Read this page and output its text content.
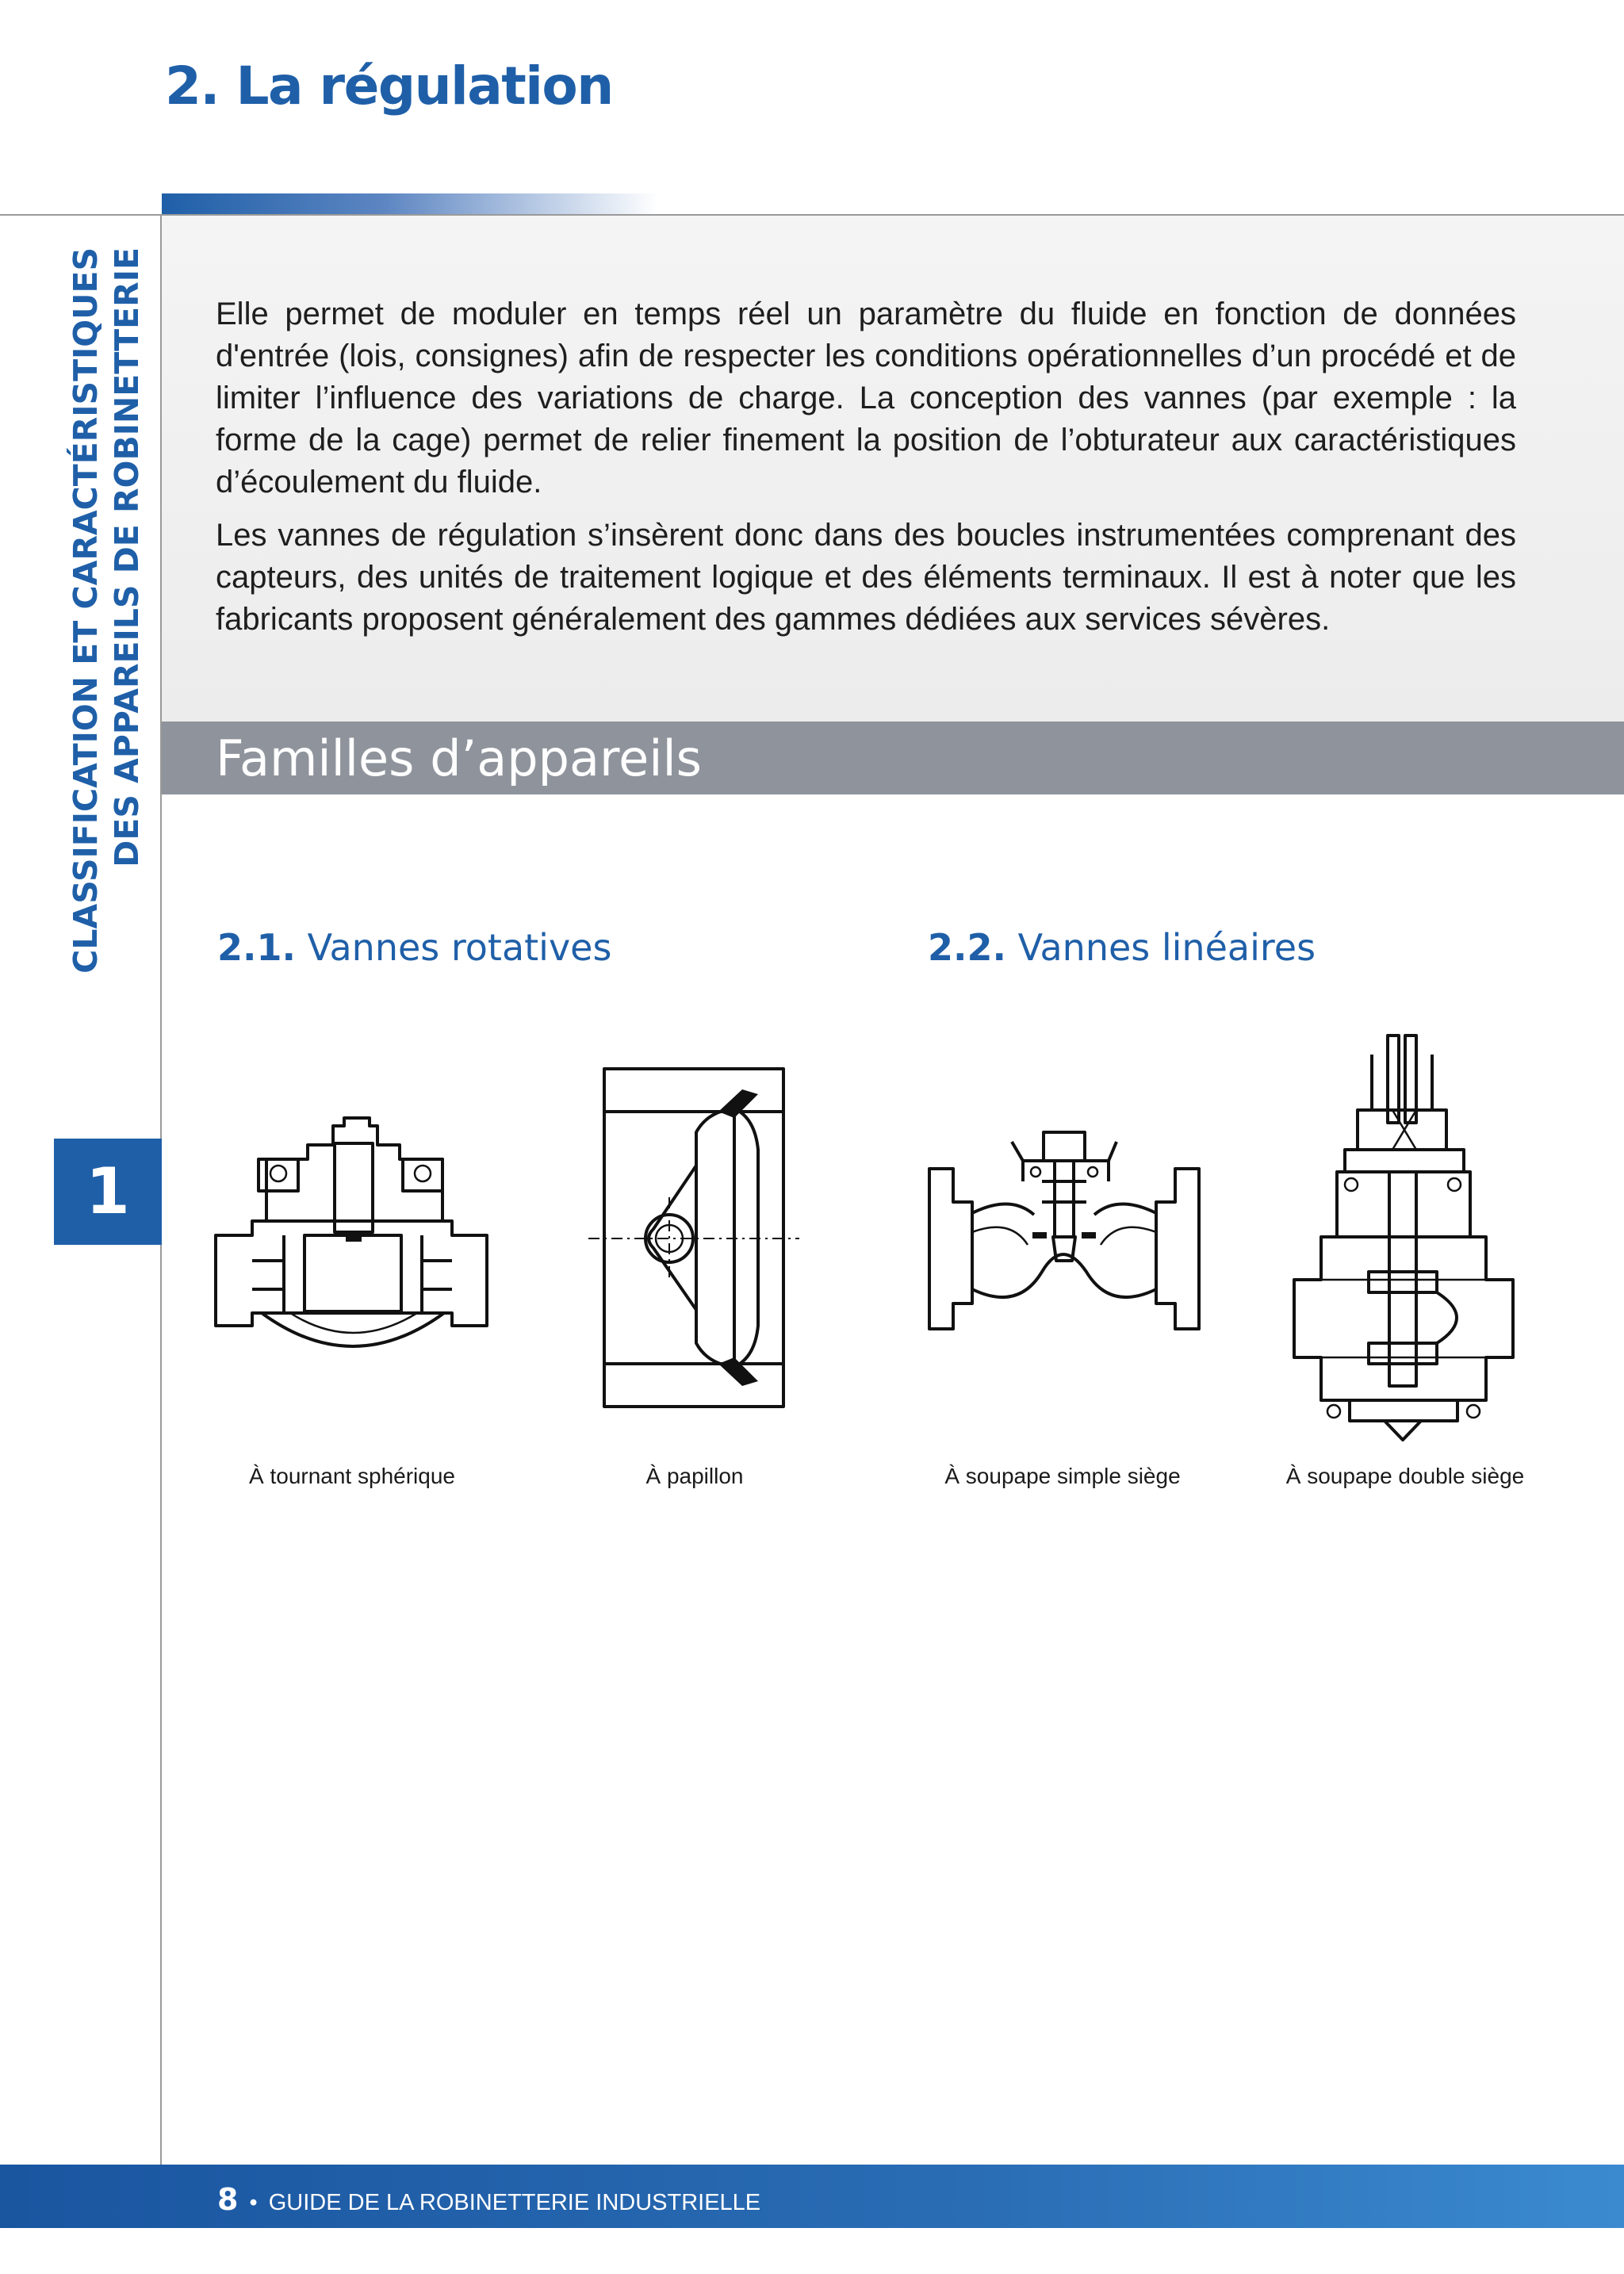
2. La régulation
CLASSIFICATION ET CARACTÉRISTIQUES DES APPAREILS DE ROBINETTERIE
1

Elle permet de moduler en temps réel un paramètre du fluide en fonction de données d'entrée (lois, consignes) afin de respecter les conditions opérationnelles d’un procédé et de limiter l’influence des variations de charge. La conception des vannes (par exemple : la forme de la cage) permet de relier finement la position de l’obturateur aux caractéristiques d’écoulement du fluide.

Les vannes de régulation s’insèrent donc dans des boucles instrumentées comprenant des capteurs, des unités de traitement logique et des éléments terminaux. Il est à noter que les fabricants proposent généralement des gammes dédiées aux services sévères.

Familles d’appareils
2.1. Vannes rotatives	2.2. Vannes linéaires
À tournant sphérique	À papillon	À soupape simple siège	À soupape double siège
8 • GUIDE DE LA ROBINETTERIE INDUSTRIELLE
